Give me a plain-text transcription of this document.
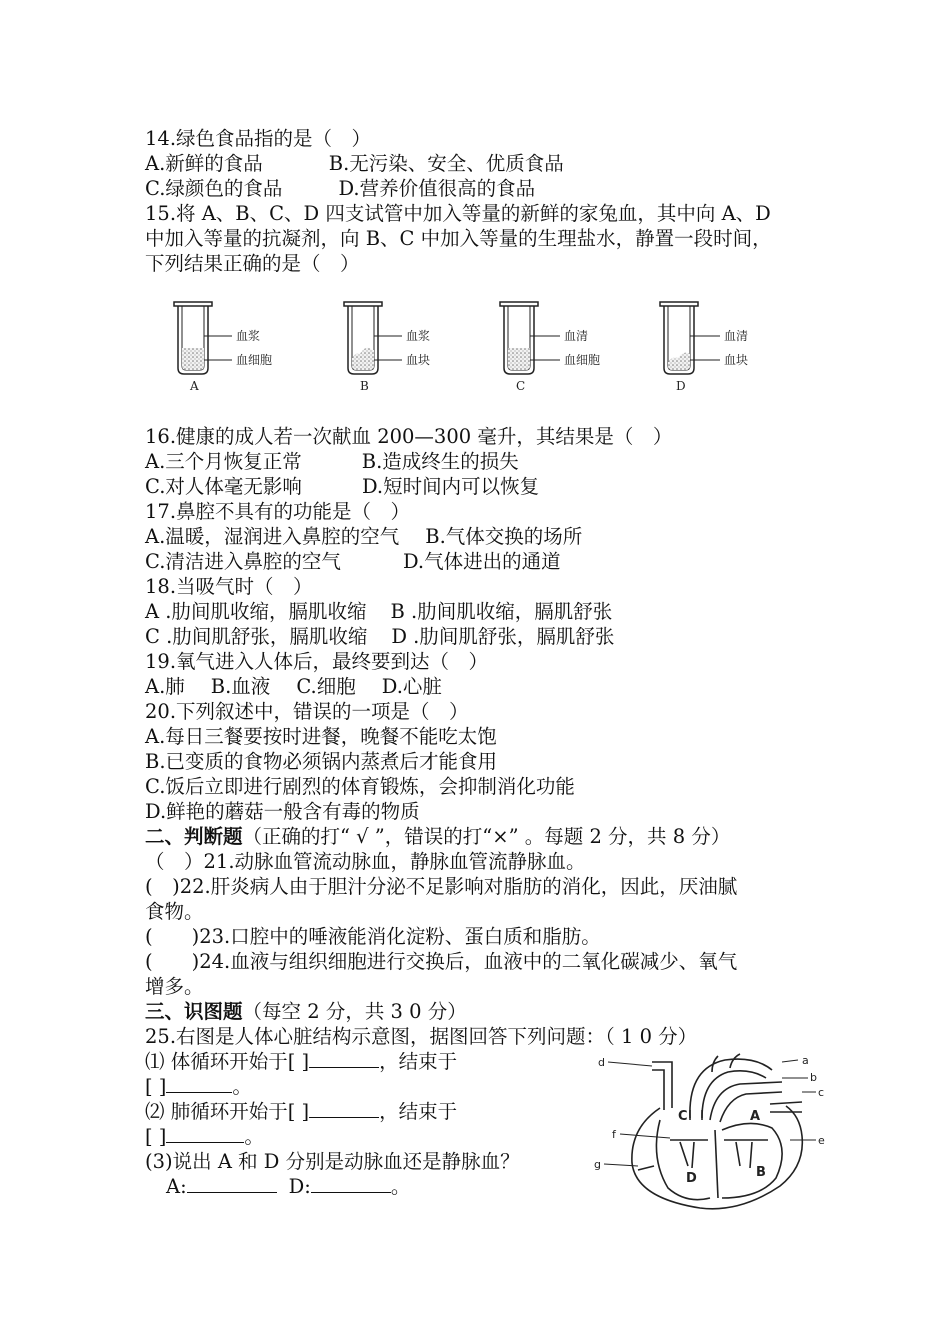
14.绿色食品指的是（　）
A.新鲜的食品	B.无污染、安全、优质食品
C.绿颜色的食品	D.营养价值很高的食品
15.将 A、B、C、D 四支试管中加入等量的新鲜的家兔血，其中向 A、D
中加入等量的抗凝剂，向 B、C 中加入等量的生理盐水，静置一段时间，
下列结果正确的是（　）
血浆
血细胞
A
血浆
血块
B
血清
血细胞
C
血清
血块
D
16.健康的成人若一次献血 200—300 毫升，其结果是（　）
A.三个月恢复正常	B.造成终生的损失
C.对人体毫无影响	D.短时间内可以恢复
17.鼻腔不具有的功能是（　）
A.温暖，湿润进入鼻腔的空气 B.气体交换的场所
C.清洁进入鼻腔的空气	D.气体进出的通道
18.当吸气时（　）
A .肋间肌收缩，膈肌收缩 B .肋间肌收缩，膈肌舒张
C .肋间肌舒张，膈肌收缩 D .肋间肌舒张，膈肌舒张
19.氧气进入人体后，最终要到达（　）
A.肺 B.血液 C.细胞 D.心脏
20.下列叙述中，错误的一项是（　）
A.每日三餐要按时进餐，晚餐不能吃太饱
B.已变质的食物必须锅内蒸煮后才能食用
C.饭后立即进行剧烈的体育锻炼，会抑制消化功能
D.鲜艳的蘑菇一般含有毒的物质
二、判断题（正确的打“ √ ”，错误的打“×” 。每题 2 分，共 8 分）
（　）21.动脉血管流动脉血，静脉血管流静脉血。
(　)22.肝炎病人由于胆汁分泌不足影响对脂肪的消化，因此，厌油腻
食物。
(　　)23.口腔中的唾液能消化淀粉、蛋白质和脂肪。
(　　)24.血液与组织细胞进行交换后，血液中的二氧化碳减少、氧气
增多。
三、识图题（每空 2 分，共 3 0 分）
25.右图是人体心脏结构示意图，据图回答下列问题：（ 1 0 分）
⑴ 体循环开始于[ ]	，结束于
[ ]	。
⑵ 肺循环开始于[ ]	，结束于
[ ]	。
(3)说出 A 和 D 分别是动脉血还是静脉血？
A:	D:	。
a
b
c
d
e
f
g
A
B
C
D
